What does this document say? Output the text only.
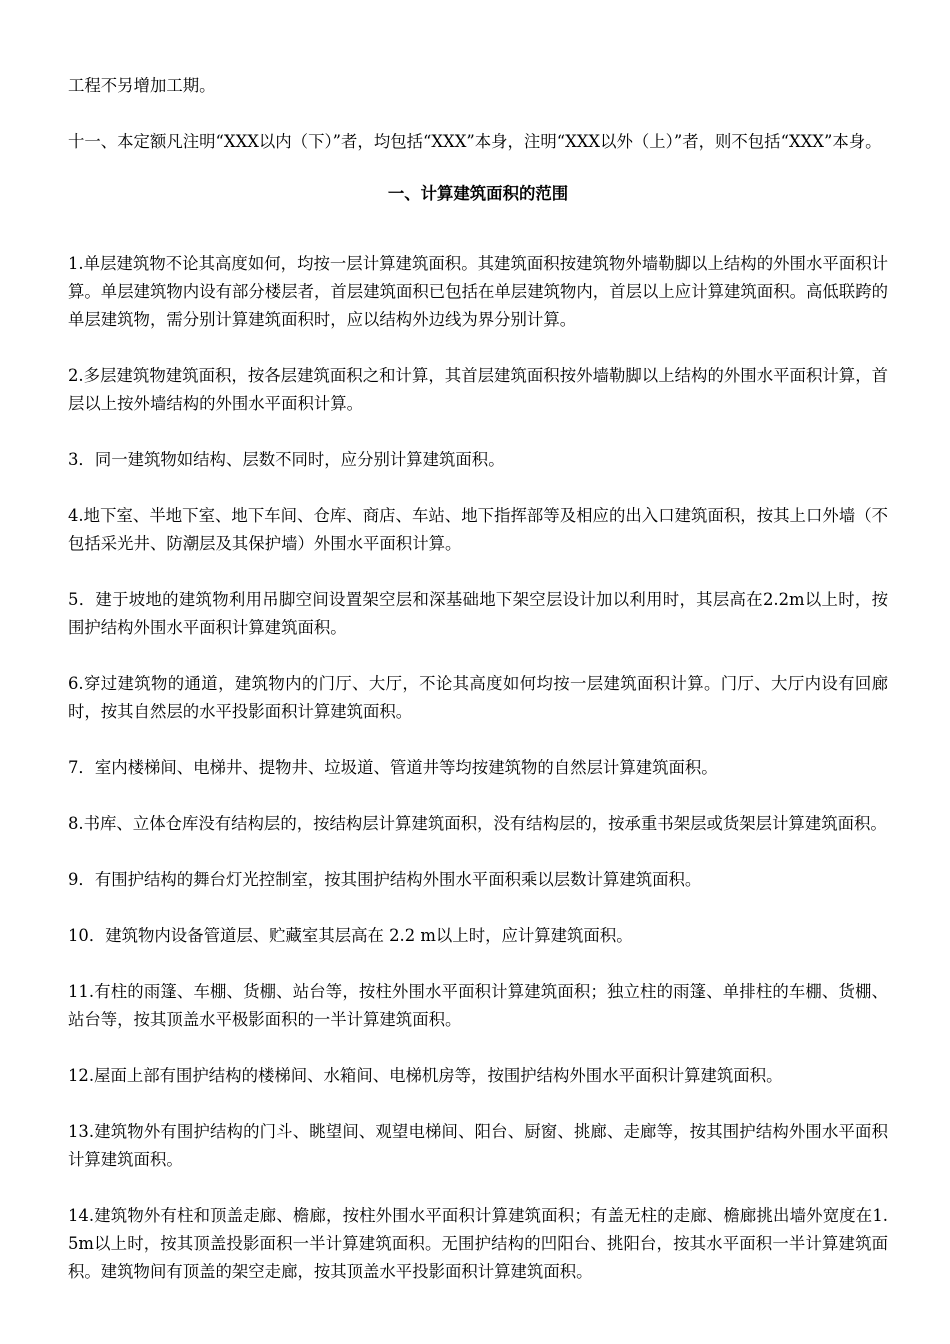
工程不另增加工期。

十一、本定额凡注明“XXX以内（下）”者，均包括“XXX”本身，注明“XXX以外（上）”者，则不包括“XXX”本身。

一、计算建筑面积的范围

1.单层建筑物不论其高度如何，均按一层计算建筑面积。其建筑面积按建筑物外墙勒脚以上结构的外围水平面积计算。单层建筑物内设有部分楼层者，首层建筑面积已包括在单层建筑物内，首层以上应计算建筑面积。高低联跨的单层建筑物，需分别计算建筑面积时，应以结构外边线为界分别计算。

2.多层建筑物建筑面积，按各层建筑面积之和计算，其首层建筑面积按外墙勒脚以上结构的外围水平面积计算，首层以上按外墙结构的外围水平面积计算。

3．同一建筑物如结构、层数不同时，应分别计算建筑面积。

4.地下室、半地下室、地下车间、仓库、商店、车站、地下指挥部等及相应的出入口建筑面积，按其上口外墙（不包括采光井、防潮层及其保护墙）外围水平面积计算。

5．建于坡地的建筑物利用吊脚空间设置架空层和深基础地下架空层设计加以利用时，其层高在2.2m以上时，按围护结构外围水平面积计算建筑面积。

6.穿过建筑物的通道，建筑物内的门厅、大厅，不论其高度如何均按一层建筑面积计算。门厅、大厅内设有回廊时，按其自然层的水平投影面积计算建筑面积。

7．室内楼梯间、电梯井、提物井、垃圾道、管道井等均按建筑物的自然层计算建筑面积。

8.书库、立体仓库没有结构层的，按结构层计算建筑面积，没有结构层的，按承重书架层或货架层计算建筑面积。

9．有围护结构的舞台灯光控制室，按其围护结构外围水平面积乘以层数计算建筑面积。

10．建筑物内设备管道层、贮藏室其层高在 2.2 m以上时，应计算建筑面积。

11.有柱的雨篷、车棚、货棚、站台等，按柱外围水平面积计算建筑面积；独立柱的雨篷、单排柱的车棚、货棚、站台等，按其顶盖水平极影面积的一半计算建筑面积。

12.屋面上部有围护结构的楼梯间、水箱间、电梯机房等，按围护结构外围水平面积计算建筑面积。

13.建筑物外有围护结构的门斗、眺望间、观望电梯间、阳台、厨窗、挑廊、走廊等，按其围护结构外围水平面积计算建筑面积。

14.建筑物外有柱和顶盖走廊、檐廊，按柱外围水平面积计算建筑面积；有盖无柱的走廊、檐廊挑出墙外宽度在1.5m以上时，按其顶盖投影面积一半计算建筑面积。无围护结构的凹阳台、挑阳台，按其水平面积一半计算建筑面积。建筑物间有顶盖的架空走廊，按其顶盖水平投影面积计算建筑面积。
